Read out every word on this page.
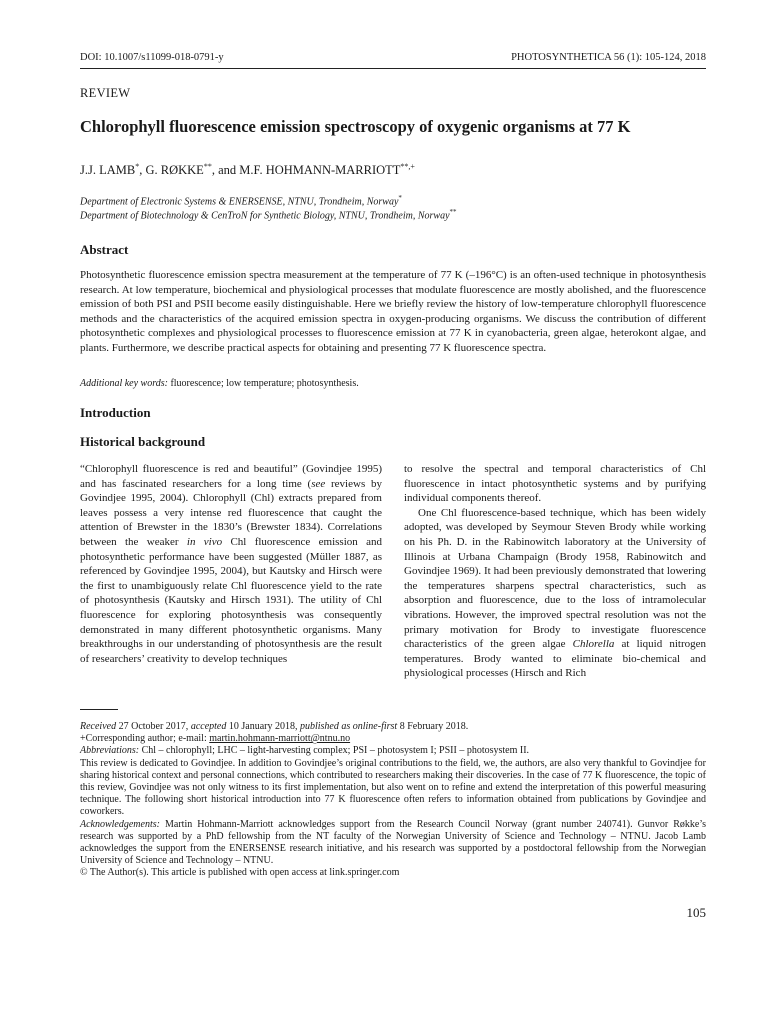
DOI: 10.1007/s11099-018-0791-y	PHOTOSYNTHETICA 56 (1): 105-124, 2018
REVIEW
Chlorophyll fluorescence emission spectroscopy of oxygenic organisms at 77 K
J.J. LAMB*, G. RØKKE**, and M.F. HOHMANN-MARRIOTT**,+
Department of Electronic Systems & ENERSENSE, NTNU, Trondheim, Norway*
Department of Biotechnology & CenTroN for Synthetic Biology, NTNU, Trondheim, Norway**
Abstract

Photosynthetic fluorescence emission spectra measurement at the temperature of 77 K (–196°C) is an often-used technique in photosynthesis research. At low temperature, biochemical and physiological processes that modulate fluorescence are mostly abolished, and the fluorescence emission of both PSI and PSII become easily distinguishable. Here we briefly review the history of low-temperature chlorophyll fluorescence methods and the characteristics of the acquired emission spectra in oxygen-producing organisms. We discuss the contribution of different photosynthetic complexes and physiological processes to fluorescence emission at 77 K in cyanobacteria, green algae, heterokont algae, and plants. Furthermore, we describe practical aspects for obtaining and presenting 77 K fluorescence spectra.

Additional key words: fluorescence; low temperature; photosynthesis.
Introduction
Historical background

“Chlorophyll fluorescence is red and beautiful” (Govindjee 1995) and has fascinated researchers for a long time (see reviews by Govindjee 1995, 2004). Chlorophyll (Chl) extracts prepared from leaves possess a very intense red fluorescence that caught the attention of Brewster in the 1830’s (Brewster 1834). Correlations between the weaker in vivo Chl fluorescence emission and photosynthetic performance have been suggested (Müller 1887, as referenced by Govindjee 1995, 2004), but Kautsky and Hirsch were the first to unambiguously relate Chl fluorescence yield to the rate of photosynthesis (Kautsky and Hirsch 1931). The utility of Chl fluorescence for exploring photosynthesis was consequently demonstrated in many different photosynthetic organisms. Many breakthroughs in our understanding of photosynthesis are the result of researchers’ creativity to develop techniques

to resolve the spectral and temporal characteristics of Chl fluorescence in intact photosynthetic systems and by purifying individual components thereof.

One Chl fluorescence-based technique, which has been widely adopted, was developed by Seymour Steven Brody while working on his Ph. D. in the Rabinowitch laboratory at the University of Illinois at Urbana Champaign (Brody 1958, Rabinowitch and Govindjee 1969). It had been previously demonstrated that lowering the temperatures sharpens spectral characteristics, such as absorption and fluorescence, due to the loss of intramolecular vibrations. However, the improved spectral resolution was not the primary motivation for Brody to investigate fluorescence characteristics of the green algae Chlorella at liquid nitrogen temperatures. Brody wanted to eliminate bio-chemical and physiological processes (Hirsch and Rich

Received 27 October 2017, accepted 10 January 2018, published as online-first 8 February 2018.

+Corresponding author; e-mail: martin.hohmann-marriott@ntnu.no

Abbreviations: Chl – chlorophyll; LHC – light-harvesting complex; PSI – photosystem I; PSII – photosystem II.

This review is dedicated to Govindjee. In addition to Govindjee’s original contributions to the field, we, the authors, are also very thankful to Govindjee for sharing historical context and personal connections, which contributed to researchers making their discoveries. In the case of 77 K fluorescence, the topic of this review, Govindjee was not only witness to its first implementation, but also went on to refine and extend the interpretation of this powerful measuring technique. The following short historical introduction into 77 K fluorescence often refers to information obtained from publications by Govindjee and coworkers.

Acknowledgements: Martin Hohmann-Marriott acknowledges support from the Research Council Norway (grant number 240741). Gunvor Røkke’s research was supported by a PhD fellowship from the NT faculty of the Norwegian University of Science and Technology – NTNU. Jacob Lamb acknowledges the support from the ENERSENSE research initiative, and his research was supported by a postdoctoral fellowship from the Norwegian University of Science and Technology – NTNU.

© The Author(s). This article is published with open access at link.springer.com

105
